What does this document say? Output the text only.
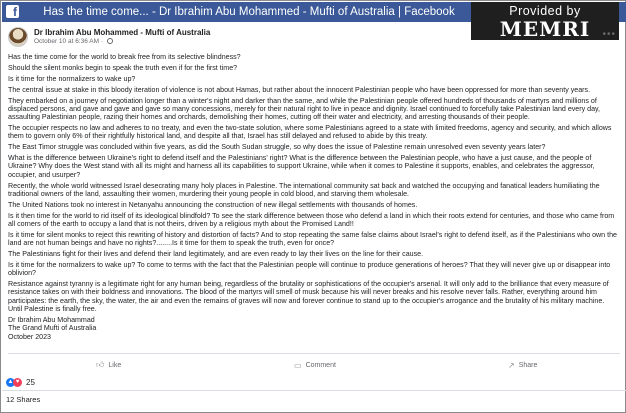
f	Has the time come... - Dr Ibrahim Abu Mohammed - Mufti of Australia | Facebook	Provided by
MEMRI JTTM
Dr Ibrahim Abu Mohammed - Mufti of Australia
October 10 at 6:36 AM ·
•••

Has the time come for the world to break free from its selective blindness?

Should the silent monks begin to speak the truth even if for the first time?

Is it time for the normalizers to wake up?

The central issue at stake in this bloody iteration of violence is not about Hamas, but rather about the innocent Palestinian people who have been oppressed for more than seventy years.

They embarked on a journey of negotiation longer than a winter's night and darker than the same, and while the Palestinian people offered hundreds of thousands of martyrs and millions of displaced persons, and gave and gave and gave so many concessions, merely for their natural right to live in peace and dignity. Israel continued to forcefully take Palestinian land every day, assaulting Palestinian people, razing their homes and orchards, demolishing their homes, cutting off their water and electricity, and arresting thousands of their people.

The occupier respects no law and adheres to no treaty, and even the two-state solution, where some Palestinians agreed to a state with limited freedoms, agency and security, and which allows them to govern only 6% of their rightfully historical land, and despite all that, Israel has still delayed and refused to abide by this treaty.

The East Timor struggle was concluded within five years, as did the South Sudan struggle, so why does the issue of Palestine remain unresolved even seventy years later?

What is the difference between Ukraine's right to defend itself and the Palestinians' right? What is the difference between the Palestinian people, who have a just cause, and the people of Ukraine? Why does the West stand with all its might and harness all its capabilities to support Ukraine, while when it comes to Palestine it supports, enables, and celebrates the aggressor, occupier, and usurper?

Recently, the whole world witnessed Israel desecrating many holy places in Palestine. The international community sat back and watched the occupying and fanatical leaders humiliating the traditional owners of the land, assaulting their women, murdering their young people in cold blood, and starving them wholesale.

The United Nations took no interest in Netanyahu announcing the construction of new illegal settlements with thousands of homes.

Is it then time for the world to rid itself of its ideological blindfold? To see the stark difference between those who defend a land in which their roots extend for centuries, and those who came from all corners of the earth to occupy a land that is not theirs, driven by a religious myth about the Promised Land!!

Is it time for silent monks to reject this rewriting of history and distortion of facts? And to stop repeating the same false claims about Israel's right to defend itself, as if the Palestinians who own the land are not human beings and have no rights?........Is it time for them to speak the truth, even for once?

The Palestinians fight for their lives and defend their land legitimately, and are even ready to lay their lives on the line for their cause.

Is it time for the normalizers to wake up? To come to terms with the fact that the Palestinian people will continue to produce generations of heroes? That they will never give up or disappear into oblivion?

Resistance against tyranny is a legitimate right for any human being, regardless of the brutality or sophistications of the occupier's arsenal. It will only add to the brilliance that every measure of resistance takes on with their boldness and innovations. The blood of the martyrs will smell of musk because his will never breaks and his resolve never falls. Rather, everything around him participates: the earth, the sky, the water, the air and even the remains of graves will now and forever continue to stand up to the occupier's arrogance and the brutality of his military machine. Until Palestine is finally free.

Dr Ibrahim Abu Mohammad

The Grand Mufti of Australia

October 2023

👍︎ Like	▭ Comment	↗ Share
▲ ♥ 25
12 Shares
